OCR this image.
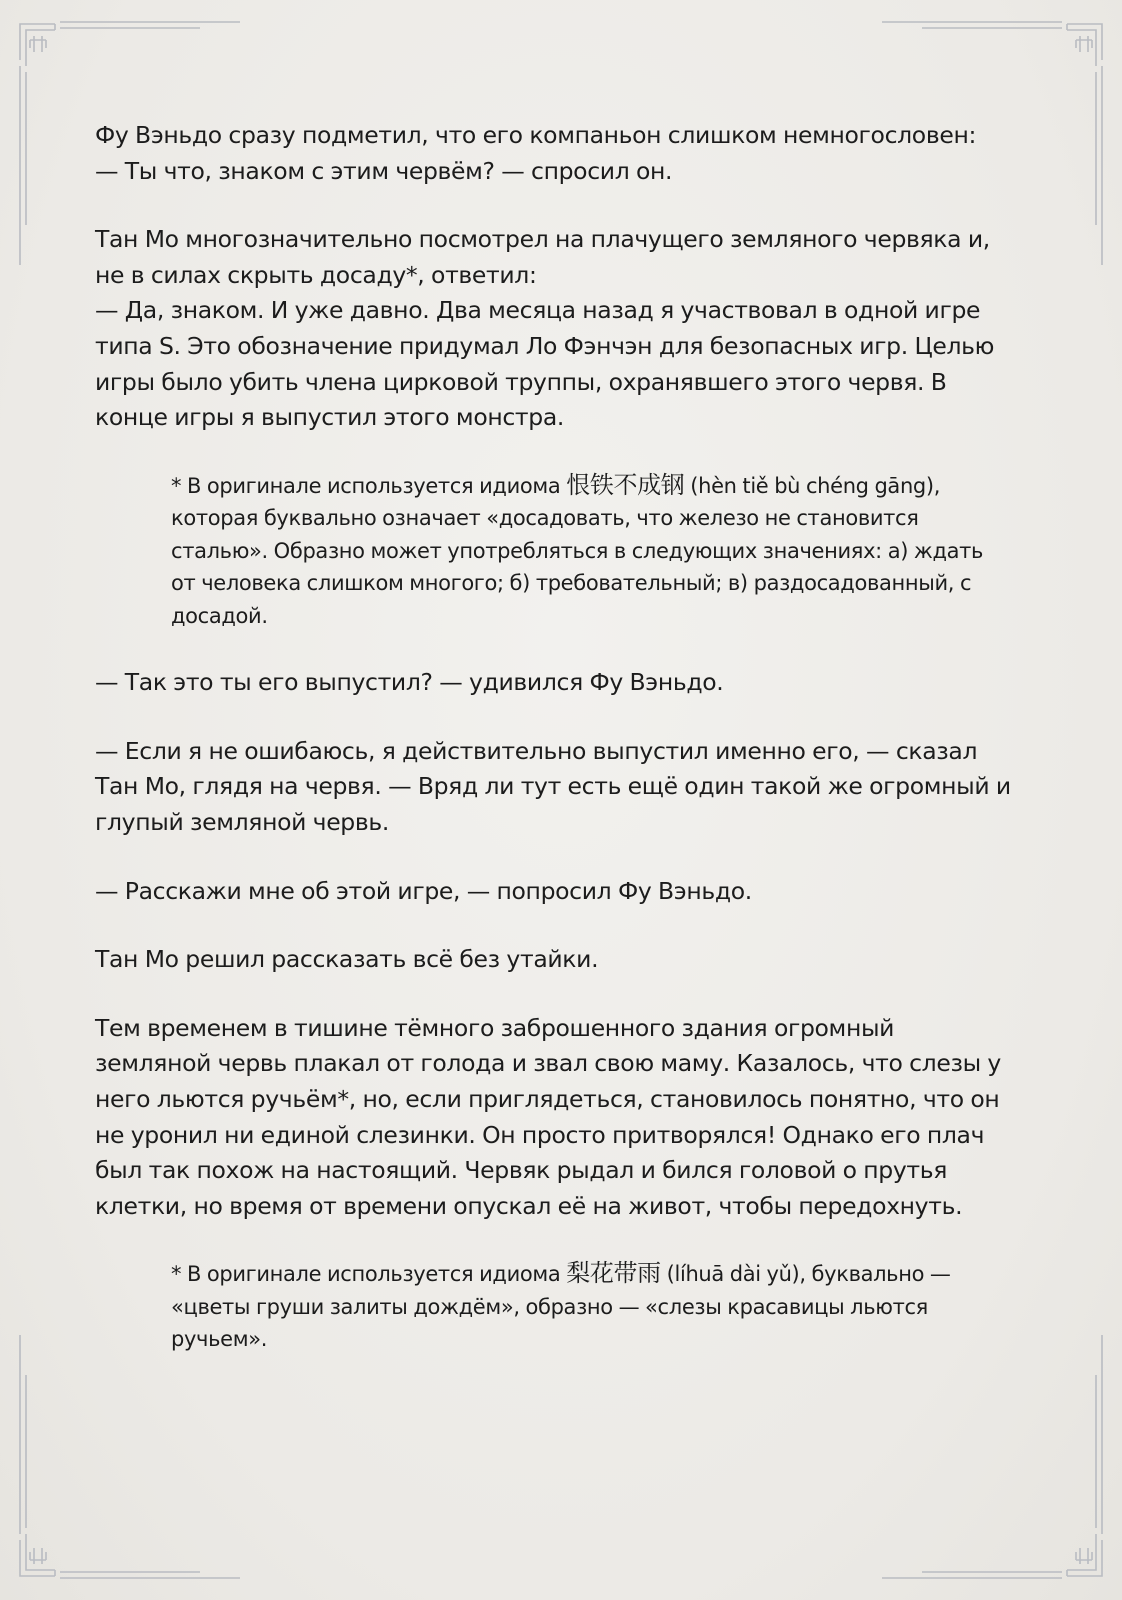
Фу Вэньдо сразу подметил, что его компаньон слишком немногословен:
— Ты что, знаком с этим червём? — спросил он.

Тан Мо многозначительно посмотрел на плачущего земляного червяка и,
не в силах скрыть досаду*, ответил:
— Да, знаком. И уже давно. Два месяца назад я участвовал в одной игре
типа S. Это обозначение придумал Ло Фэнчэн для безопасных игр. Целью
игры было убить члена цирковой труппы, охранявшего этого червя. В
конце игры я выпустил этого монстра.

* В оригинале используется идиома 恨铁不成钢 (hèn tiě bù chéng gāng),
которая буквально означает «досадовать, что железо не становится
сталью». Образно может употребляться в следующих значениях: а) ждать
от человека слишком многого; б) требовательный; в) раздосадованный, с
досадой.

— Так это ты его выпустил? — удивился Фу Вэньдо.

— Если я не ошибаюсь, я действительно выпустил именно его, — сказал
Тан Мо, глядя на червя. — Вряд ли тут есть ещё один такой же огромный и
глупый земляной червь.

— Расскажи мне об этой игре, — попросил Фу Вэньдо.

Тан Мо решил рассказать всё без утайки.

Тем временем в тишине тёмного заброшенного здания огромный
земляной червь плакал от голода и звал свою маму. Казалось, что слезы у
него льются ручьём*, но, если приглядеться, становилось понятно, что он
не уронил ни единой слезинки. Он просто притворялся! Однако его плач
был так похож на настоящий. Червяк рыдал и бился головой о прутья
клетки, но время от времени опускал её на живот, чтобы передохнуть.

* В оригинале используется идиома 梨花带雨 (líhuā dài yǔ), буквально —
«цветы груши залиты дождём», образно — «слезы красавицы льются
ручьем».
